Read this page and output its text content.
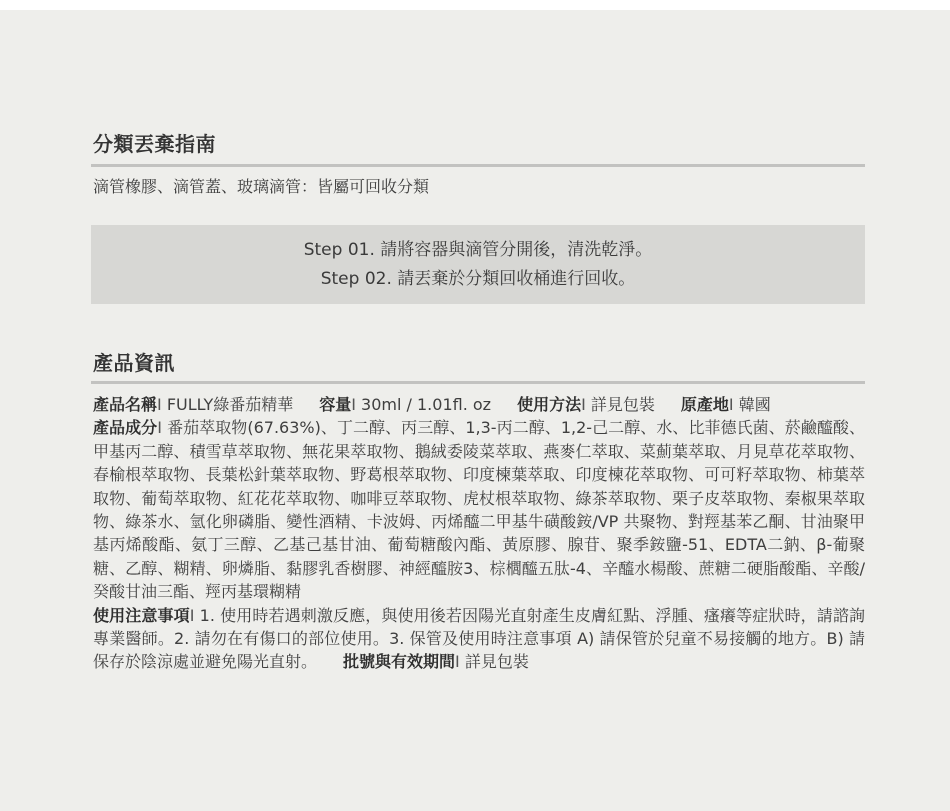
分類丟棄指南
滴管橡膠、滴管蓋、玻璃滴管：皆屬可回收分類
Step 01. 請將容器與滴管分開後，清洗乾淨。
Step 02. 請丟棄於分類回收桶進行回收。
產品資訊
產品名稱I FULLY綠番茄精華 容量I 30ml / 1.01fl. oz 使用方法I 詳見包裝 原產地I 韓國
產品成分I 番茄萃取物(67.63%)、丁二醇、丙三醇、1,3-丙二醇、1,2-己二醇、水、比菲德氏菌、菸鹼醯酸、甲基丙二醇、積雪草萃取物、無花果萃取物、鵝絨委陵菜萃取、燕麥仁萃取、菜薊葉萃取、月見草花萃取物、春榆根萃取物、長葉松針葉萃取物、野葛根萃取物、印度楝葉萃取、印度楝花萃取物、可可籽萃取物、柿葉萃取物、葡萄萃取物、紅花花萃取物、咖啡豆萃取物、虎杖根萃取物、綠茶萃取物、栗子皮萃取物、秦椒果萃取物、綠茶水、氫化卵磷脂、變性酒精、卡波姆、丙烯醯二甲基牛磺酸銨/VP 共聚物、對羥基苯乙酮、甘油聚甲基丙烯酸酯、氨丁三醇、乙基己基甘油、葡萄糖酸內酯、黃原膠、腺苷、聚季銨鹽-51、EDTA二鈉、β-葡聚糖、乙醇、糊精、卵燐脂、黏膠乳香樹膠、神經醯胺3、棕櫚醯五肽-4、辛醯水楊酸、蔗糖二硬脂酸酯、辛酸/癸酸甘油三酯、羥丙基環糊精
使用注意事項I 1. 使用時若遇刺激反應，與使用後若因陽光直射產生皮膚紅點、浮腫、瘙癢等症狀時，請諮詢專業醫師。2. 請勿在有傷口的部位使用。3. 保管及使用時注意事項 A) 請保管於兒童不易接觸的地方。B) 請保存於陰涼處並避免陽光直射。 批號與有效期間I 詳見包裝
